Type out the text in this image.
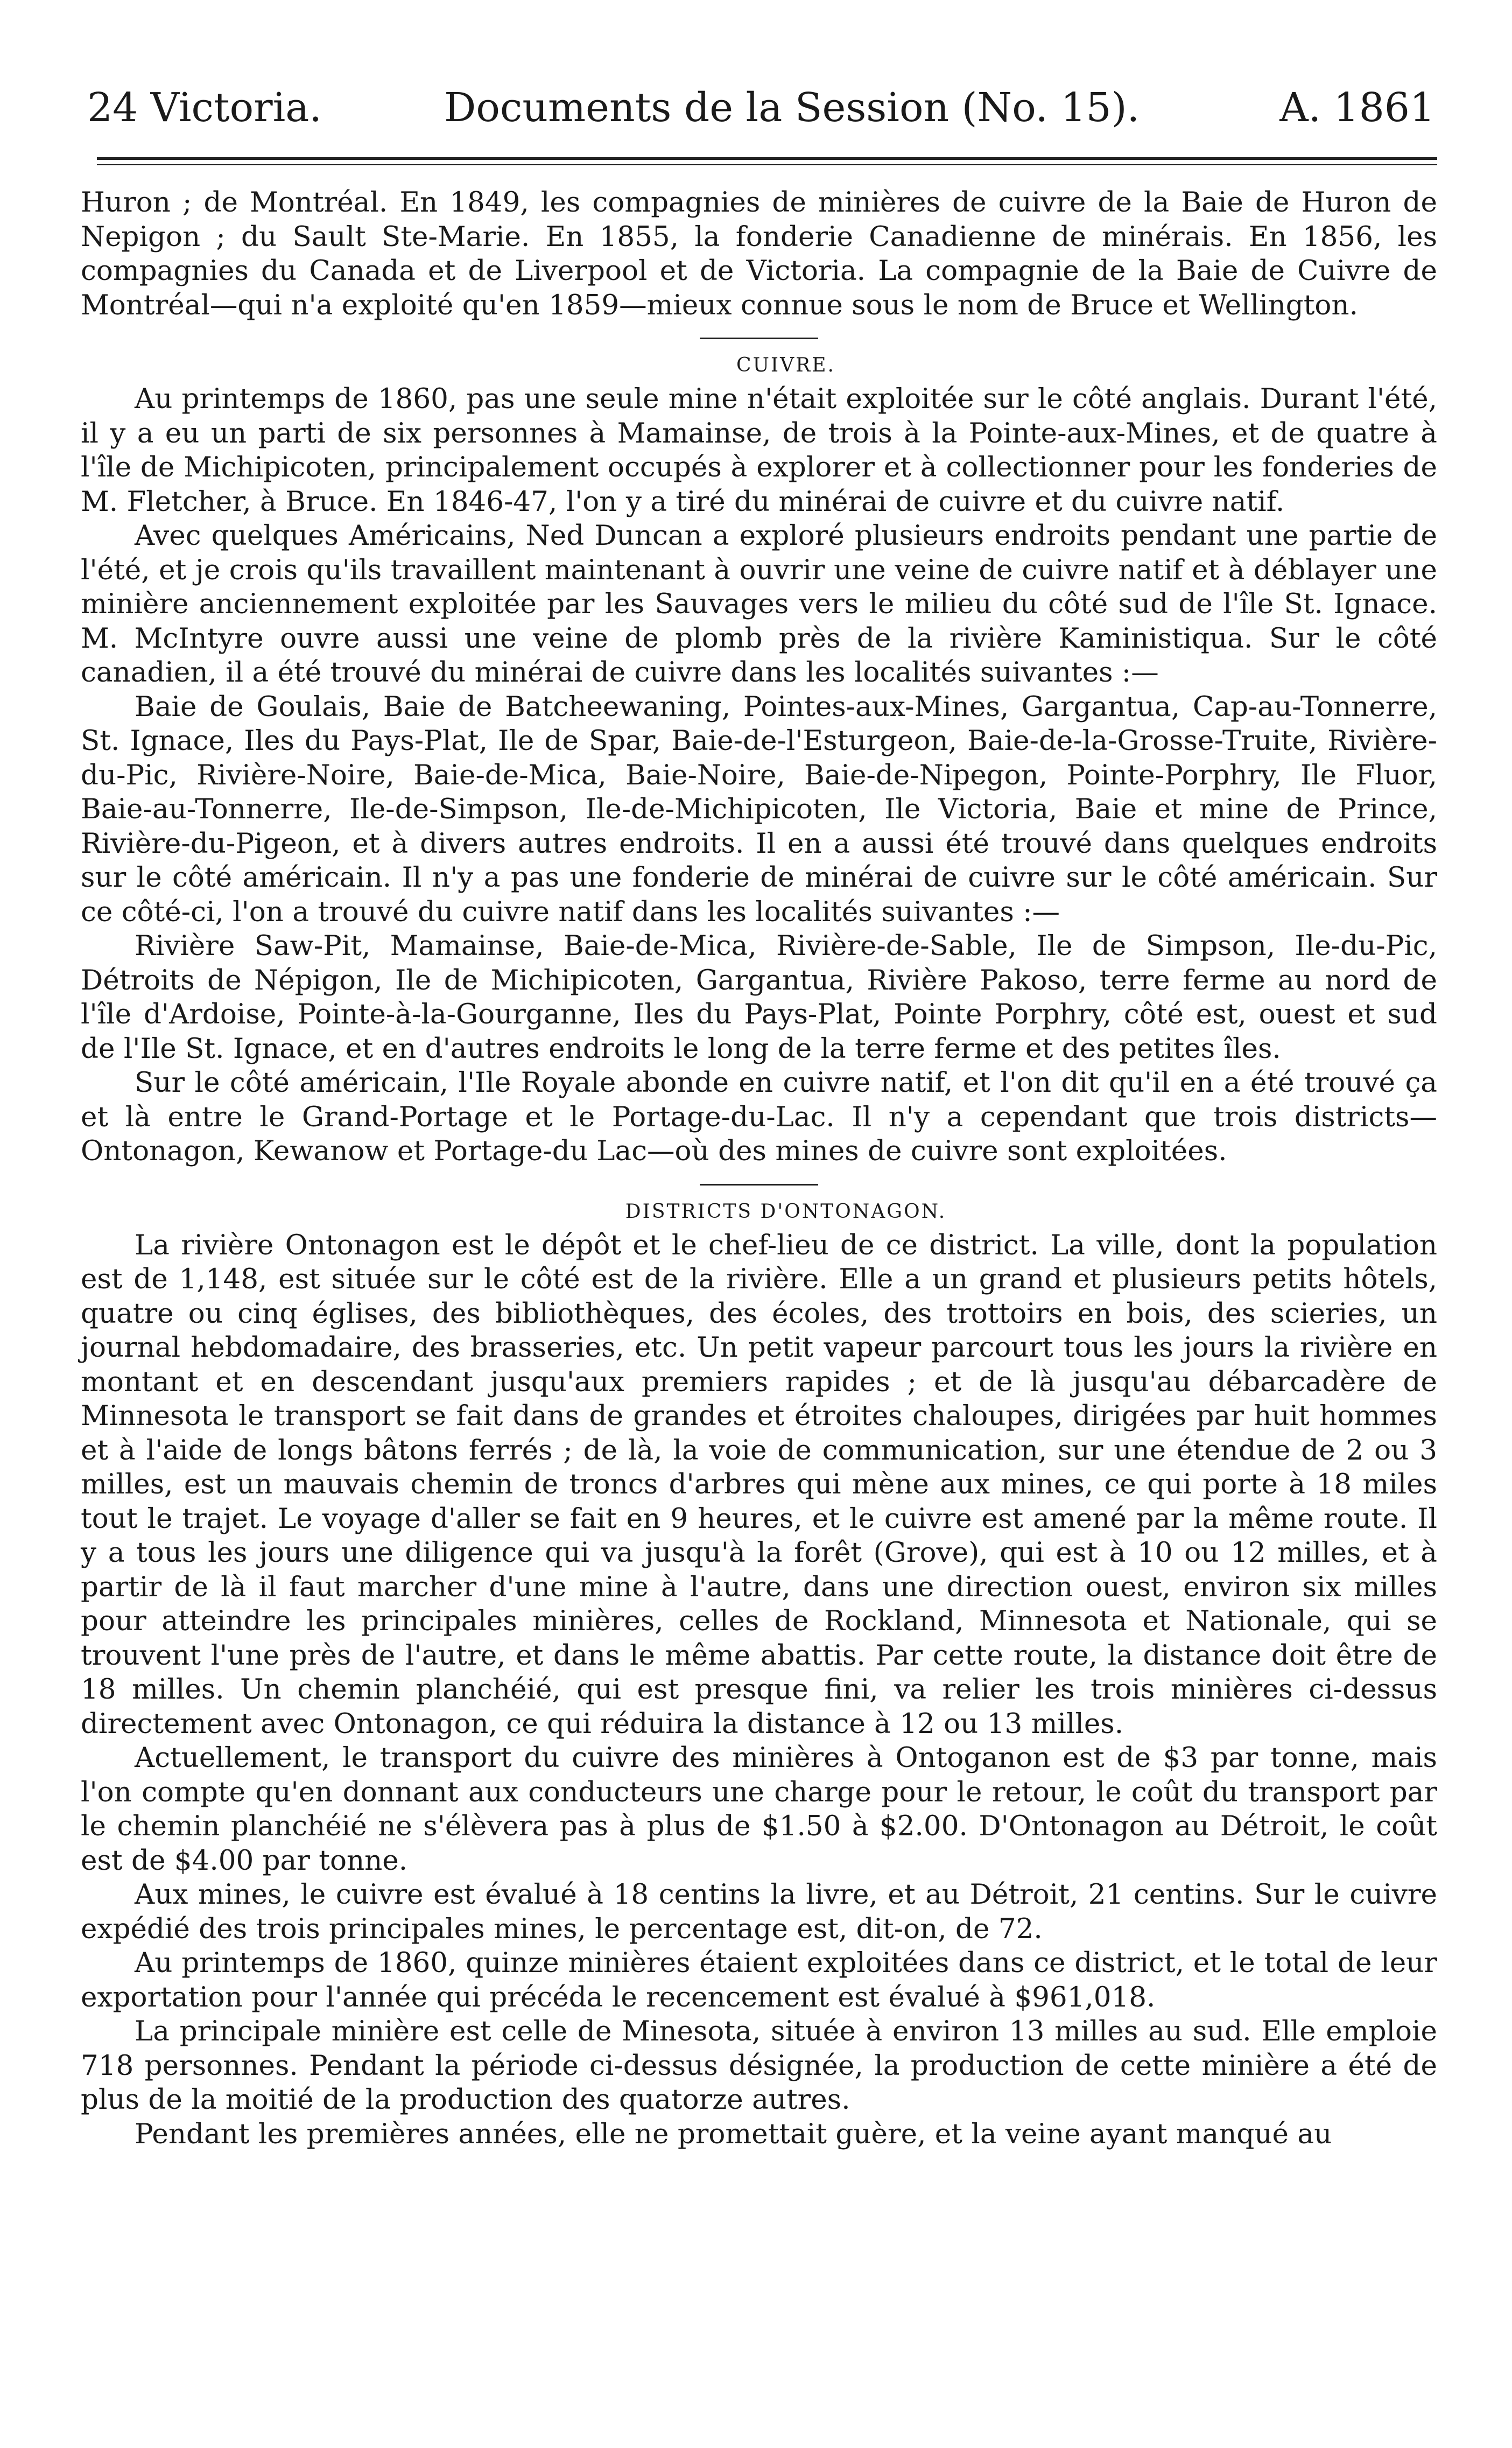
24 Victoria.	Documents de la Session (No. 15).	A. 1861

Huron ; de Montréal. En 1849, les compagnies de minières de cuivre de la Baie de Huron de Nepigon ; du Sault Ste-Marie. En 1855, la fonderie Canadienne de minérais. En 1856, les compagnies du Canada et de Liverpool et de Victoria. La compagnie de la Baie de Cuivre de Montréal—qui n'a exploité qu'en 1859—mieux connue sous le nom de Bruce et Wellington.

CUIVRE.

Au printemps de 1860, pas une seule mine n'était exploitée sur le côté anglais. Durant l'été, il y a eu un parti de six personnes à Mamainse, de trois à la Pointe-aux-Mines, et de quatre à l'île de Michipicoten, principalement occupés à explorer et à collectionner pour les fonderies de M. Fletcher, à Bruce. En 1846-47, l'on y a tiré du minérai de cuivre et du cuivre natif.

Avec quelques Américains, Ned Duncan a exploré plusieurs endroits pendant une partie de l'été, et je crois qu'ils travaillent maintenant à ouvrir une veine de cuivre natif et à déblayer une minière anciennement exploitée par les Sauvages vers le milieu du côté sud de l'île St. Ignace. M. McIntyre ouvre aussi une veine de plomb près de la rivière Kaministiqua. Sur le côté canadien, il a été trouvé du minérai de cuivre dans les localités suivantes :—

Baie de Goulais, Baie de Batcheewaning, Pointes-aux-Mines, Gargantua, Cap-au-Tonnerre, St. Ignace, Iles du Pays-Plat, Ile de Spar, Baie-de-l'Esturgeon, Baie-de-la-Grosse-Truite, Rivière-du-Pic, Rivière-Noire, Baie-de-Mica, Baie-Noire, Baie-de-Nipegon, Pointe-Porphry, Ile Fluor, Baie-au-Tonnerre, Ile-de-Simpson, Ile-de-Michipicoten, Ile Victoria, Baie et mine de Prince, Rivière-du-Pigeon, et à divers autres endroits. Il en a aussi été trouvé dans quelques endroits sur le côté américain. Il n'y a pas une fonderie de minérai de cuivre sur le côté américain. Sur ce côté-ci, l'on a trouvé du cuivre natif dans les localités suivantes :—

Rivière Saw-Pit, Mamainse, Baie-de-Mica, Rivière-de-Sable, Ile de Simpson, Ile-du-Pic, Détroits de Népigon, Ile de Michipicoten, Gargantua, Rivière Pakoso, terre ferme au nord de l'île d'Ardoise, Pointe-à-la-Gourganne, Iles du Pays-Plat, Pointe Porphry, côté est, ouest et sud de l'Ile St. Ignace, et en d'autres endroits le long de la terre ferme et des petites îles.

Sur le côté américain, l'Ile Royale abonde en cuivre natif, et l'on dit qu'il en a été trouvé ça et là entre le Grand-Portage et le Portage-du-Lac. Il n'y a cependant que trois districts—Ontonagon, Kewanow et Portage-du Lac—où des mines de cuivre sont exploitées.

DISTRICTS D'ONTONAGON.

La rivière Ontonagon est le dépôt et le chef-lieu de ce district. La ville, dont la population est de 1,148, est située sur le côté est de la rivière. Elle a un grand et plusieurs petits hôtels, quatre ou cinq églises, des bibliothèques, des écoles, des trottoirs en bois, des scieries, un journal hebdomadaire, des brasseries, etc. Un petit vapeur parcourt tous les jours la rivière en montant et en descendant jusqu'aux premiers rapides ; et de là jusqu'au débarcadère de Minnesota le transport se fait dans de grandes et étroites chaloupes, dirigées par huit hommes et à l'aide de longs bâtons ferrés ; de là, la voie de communication, sur une étendue de 2 ou 3 milles, est un mauvais chemin de troncs d'arbres qui mène aux mines, ce qui porte à 18 miles tout le trajet. Le voyage d'aller se fait en 9 heures, et le cuivre est amené par la même route. Il y a tous les jours une diligence qui va jusqu'à la forêt (Grove), qui est à 10 ou 12 milles, et à partir de là il faut marcher d'une mine à l'autre, dans une direction ouest, environ six milles pour atteindre les principales minières, celles de Rockland, Minnesota et Nationale, qui se trouvent l'une près de l'autre, et dans le même abattis. Par cette route, la distance doit être de 18 milles. Un chemin planchéié, qui est presque fini, va relier les trois minières ci-dessus directement avec Ontonagon, ce qui réduira la distance à 12 ou 13 milles.

Actuellement, le transport du cuivre des minières à Ontoganon est de $3 par tonne, mais l'on compte qu'en donnant aux conducteurs une charge pour le retour, le coût du transport par le chemin planchéié ne s'élèvera pas à plus de $1.50 à $2.00. D'Ontonagon au Détroit, le coût est de $4.00 par tonne.

Aux mines, le cuivre est évalué à 18 centins la livre, et au Détroit, 21 centins. Sur le cuivre expédié des trois principales mines, le percentage est, dit-on, de 72.

Au printemps de 1860, quinze minières étaient exploitées dans ce district, et le total de leur exportation pour l'année qui précéda le recencement est évalué à $961,018.

La principale minière est celle de Minesota, située à environ 13 milles au sud. Elle emploie 718 personnes. Pendant la période ci-dessus désignée, la production de cette minière a été de plus de la moitié de la production des quatorze autres.

Pendant les premières années, elle ne promettait guère, et la veine ayant manqué au
